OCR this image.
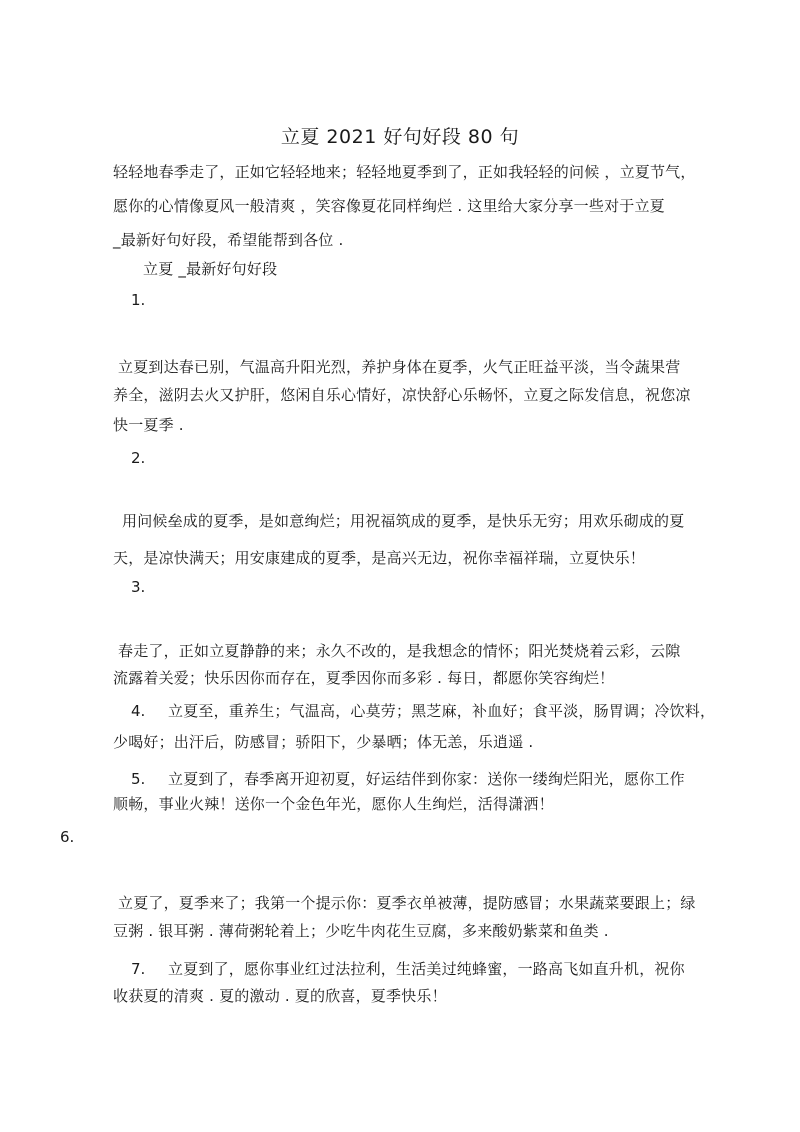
立夏 2021 好句好段 80 句
轻轻地春季走了，正如它轻轻地来；轻轻地夏季到了，正如我轻轻的问候 ，立夏节气，
愿你的心情像夏风一般清爽 ，笑容像夏花同样绚烂 . 这里给大家分享一些对于立夏
_最新好句好段，希望能帮到各位 .
立夏 _最新好句好段
1.
立夏到达春已别，气温高升阳光烈，养护身体在夏季，火气正旺益平淡，当令蔬果营
养全，滋阴去火又护肝，悠闲自乐心情好，凉快舒心乐畅怀，立夏之际发信息，祝您凉
快一夏季 .
2.
用问候垒成的夏季，是如意绚烂；用祝福筑成的夏季，是快乐无穷；用欢乐砌成的夏
天，是凉快满天；用安康建成的夏季，是高兴无边，祝你幸福祥瑞，立夏快乐！
3.
春走了，正如立夏静静的来；永久不改的，是我想念的情怀；阳光焚烧着云彩，云隙
流露着关爱；快乐因你而存在，夏季因你而多彩 . 每日，都愿你笑容绚烂！
4. 立夏至，重养生；气温高，心莫劳；黑芝麻，补血好；食平淡，肠胃调；冷饮料，
少喝好；出汗后，防感冒；骄阳下，少暴晒；体无恙，乐逍遥 .
5. 立夏到了，春季离开迎初夏，好运结伴到你家：送你一缕绚烂阳光，愿你工作
顺畅，事业火辣！送你一个金色年光，愿你人生绚烂，活得潇洒！
6.
立夏了，夏季来了；我第一个提示你：夏季衣单被薄，提防感冒；水果蔬菜要跟上；绿
豆粥 . 银耳粥 . 薄荷粥轮着上；少吃牛肉花生豆腐，多来酸奶紫菜和鱼类 .
7. 立夏到了，愿你事业红过法拉利，生活美过纯蜂蜜，一路高飞如直升机，祝你
收获夏的清爽 . 夏的激动 . 夏的欣喜，夏季快乐！
